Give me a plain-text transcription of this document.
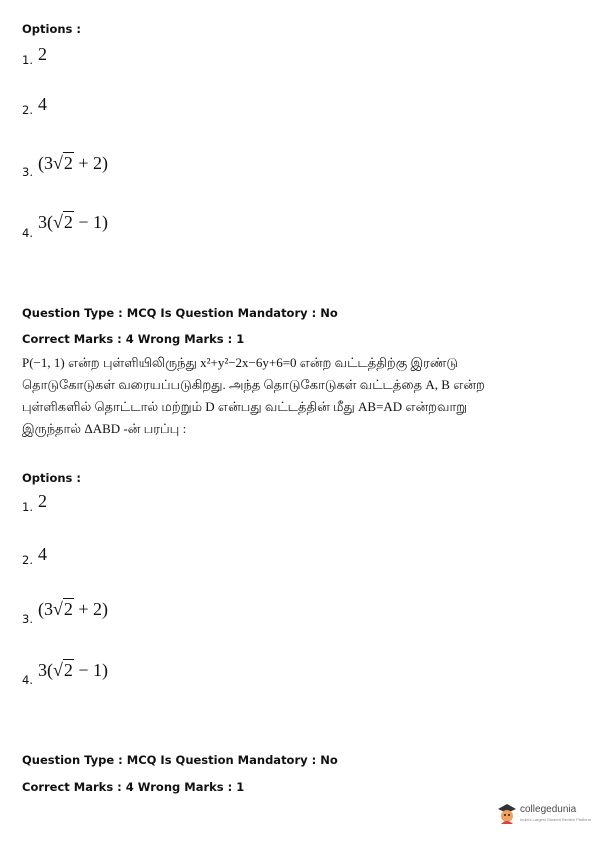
Options :
1. 2
2. 4
3. (3√2 + 2)
4.
3(√2 − 1)
Question Type : MCQ Is Question Mandatory : No
Correct Marks : 4 Wrong Marks : 1
P(−1, 1) என்ற புள்ளியிலிருந்து x²+y²−2x−6y+6=0 என்ற வட்டத்திற்கு இரண்டு
தொடுகோடுகள் வரையப்படுகிறது. அந்த தொடுகோடுகள் வட்டத்தை A, B என்ற
புள்ளிகளில் தொட்டால் மற்றும் D என்பது வட்டத்தின் மீது AB=AD என்றவாறு
இருந்தால் ΔABD -ன் பரப்பு :
Options :
1. 2
2. 4
3. (3√2 + 2)
4. 3(√2 − 1)
Question Type : MCQ Is Question Mandatory : No
Correct Marks : 4 Wrong Marks : 1
collegedunia
India's Largest Student Review Platform
